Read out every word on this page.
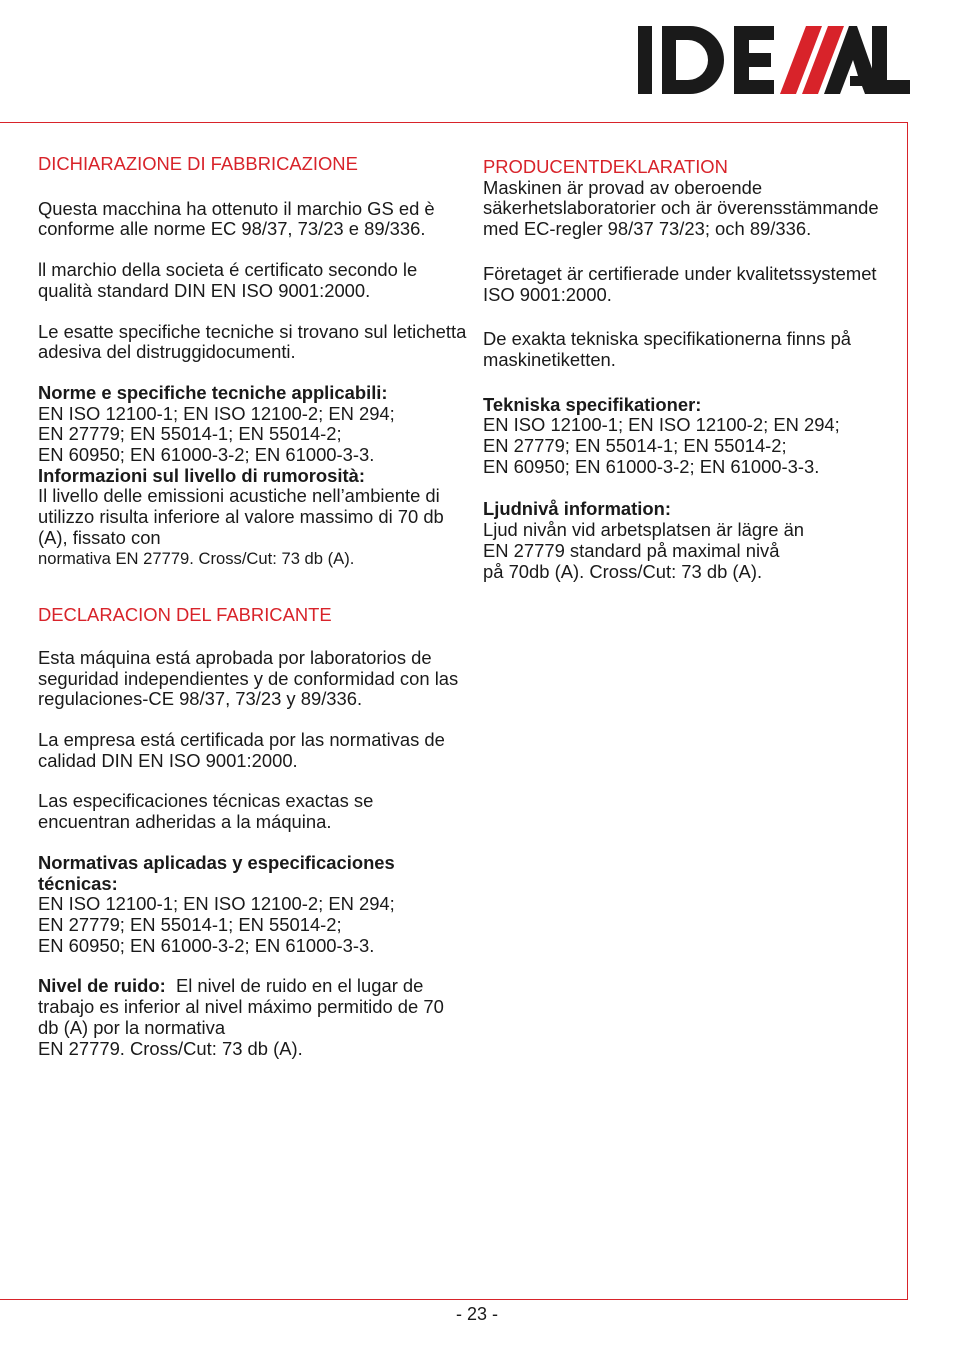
IDEAL
DICHIARAZIONE DI FABBRICAZIONE

Questa macchina ha ottenuto il marchio GS ed è conforme alle norme EC 98/37, 73/23 e 89/336.

ll marchio della societa é certificato secondo le qualità standard DIN EN ISO 9001:2000.

Le esatte specifiche tecniche si trovano sul letichetta adesiva del distruggidocumenti.

Norme e specifiche tecniche applicabili:

EN ISO 12100-1; EN ISO 12100-2; EN 294;

EN 27779; EN 55014-1; EN 55014-2;

EN 60950; EN 61000-3-2; EN 61000-3-3.

Informazioni sul livello di rumorosità:

Il livello delle emissioni acustiche nell’ambiente di utilizzo risulta inferiore al valore massimo di 70 db (A), fissato con

normativa EN 27779. Cross/Cut: 73 db (A).

DECLARACION DEL FABRICANTE

Esta máquina está aprobada por laboratorios de seguridad independientes y de conformidad con las regulaciones-CE 98/37, 73/23 y 89/336.

La empresa está certificada por las normativas de calidad DIN EN ISO 9001:2000.

Las especificaciones técnicas exactas se encuentran adheridas a la máquina.

Normativas aplicadas y especificaciones técnicas:

EN ISO 12100-1; EN ISO 12100-2; EN 294;

EN 27779; EN 55014-1; EN 55014-2;

EN 60950; EN 61000-3-2; EN 61000-3-3.

Nivel de ruido: El nivel de ruido en el lugar de trabajo es inferior al nivel máximo permitido de 70 db (A) por la normativa

EN 27779. Cross/Cut: 73 db (A).

PRODUCENTDEKLARATION

Maskinen är provad av oberoende säkerhetslaboratorier och är överensstämmande med EC-regler 98/37 73/23; och 89/336.

Företaget är certifierade under kvalitetssystemet ISO 9001:2000.

De exakta tekniska specifikationerna finns på maskinetiketten.

Tekniska specifikationer:

EN ISO 12100-1; EN ISO 12100-2; EN 294;

EN 27779; EN 55014-1; EN 55014-2;

EN 60950; EN 61000-3-2; EN 61000-3-3.

Ljudnivå information:

Ljud nivån vid arbetsplatsen är lägre än

EN 27779 standard på maximal nivå

på 70db (A). Cross/Cut: 73 db (A).

- 23 -
